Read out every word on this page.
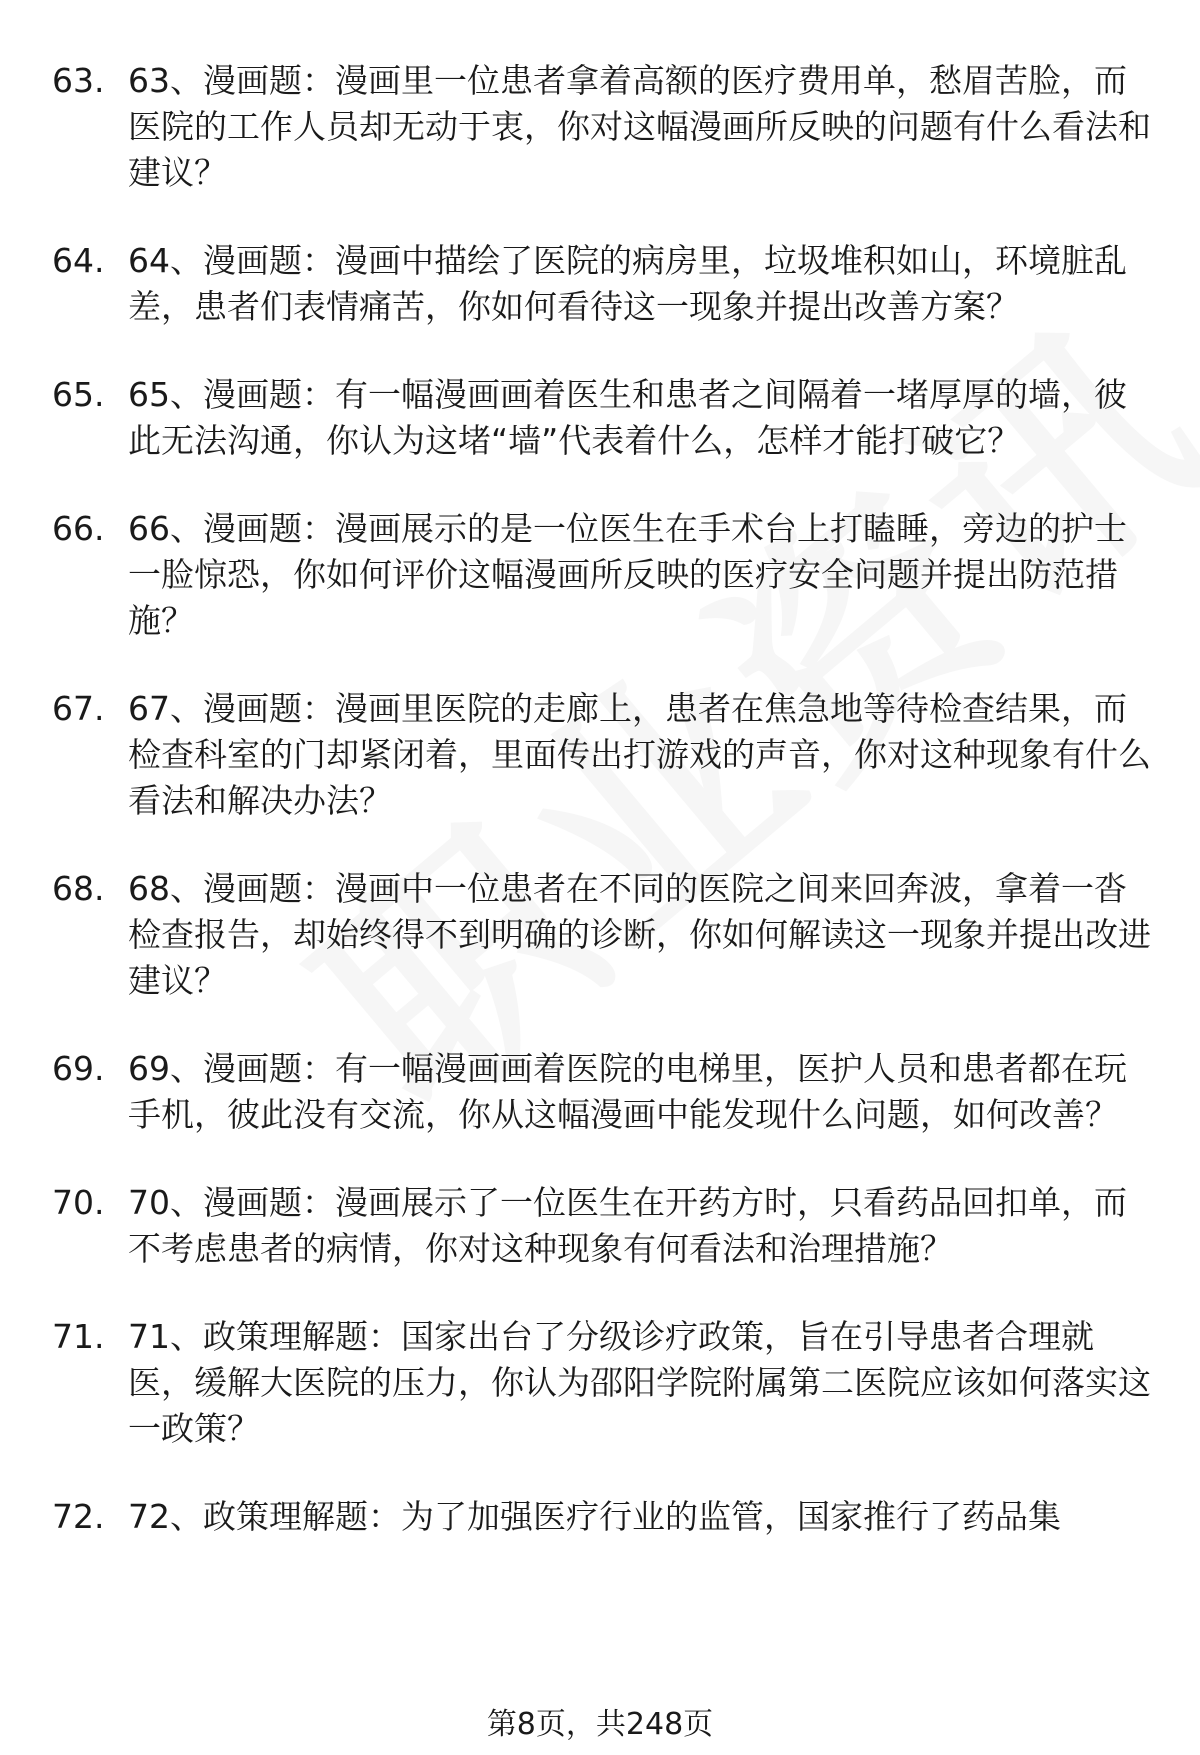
63. 63、漫画题：漫画里一位患者拿着高额的医疗费用单，愁眉苦脸，而医院的工作人员却无动于衷，你对这幅漫画所反映的问题有什么看法和建议？
64. 64、漫画题：漫画中描绘了医院的病房里，垃圾堆积如山，环境脏乱差，患者们表情痛苦，你如何看待这一现象并提出改善方案？
65. 65、漫画题：有一幅漫画画着医生和患者之间隔着一堵厚厚的墙，彼此无法沟通，你认为这堵“墙”代表着什么，怎样才能打破它？
66. 66、漫画题：漫画展示的是一位医生在手术台上打瞌睡，旁边的护士一脸惊恐，你如何评价这幅漫画所反映的医疗安全问题并提出防范措施？
67. 67、漫画题：漫画里医院的走廊上，患者在焦急地等待检查结果，而检查科室的门却紧闭着，里面传出打游戏的声音，你对这种现象有什么看法和解决办法？
68. 68、漫画题：漫画中一位患者在不同的医院之间来回奔波，拿着一沓检查报告，却始终得不到明确的诊断，你如何解读这一现象并提出改进建议？
69. 69、漫画题：有一幅漫画画着医院的电梯里，医护人员和患者都在玩手机，彼此没有交流，你从这幅漫画中能发现什么问题，如何改善？
70. 70、漫画题：漫画展示了一位医生在开药方时，只看药品回扣单，而不考虑患者的病情，你对这种现象有何看法和治理措施？
71. 71、政策理解题：国家出台了分级诊疗政策，旨在引导患者合理就医，缓解大医院的压力，你认为邵阳学院附属第二医院应该如何落实这一政策？
72. 72、政策理解题：为了加强医疗行业的监管，国家推行了药品集
第8页，共248页
